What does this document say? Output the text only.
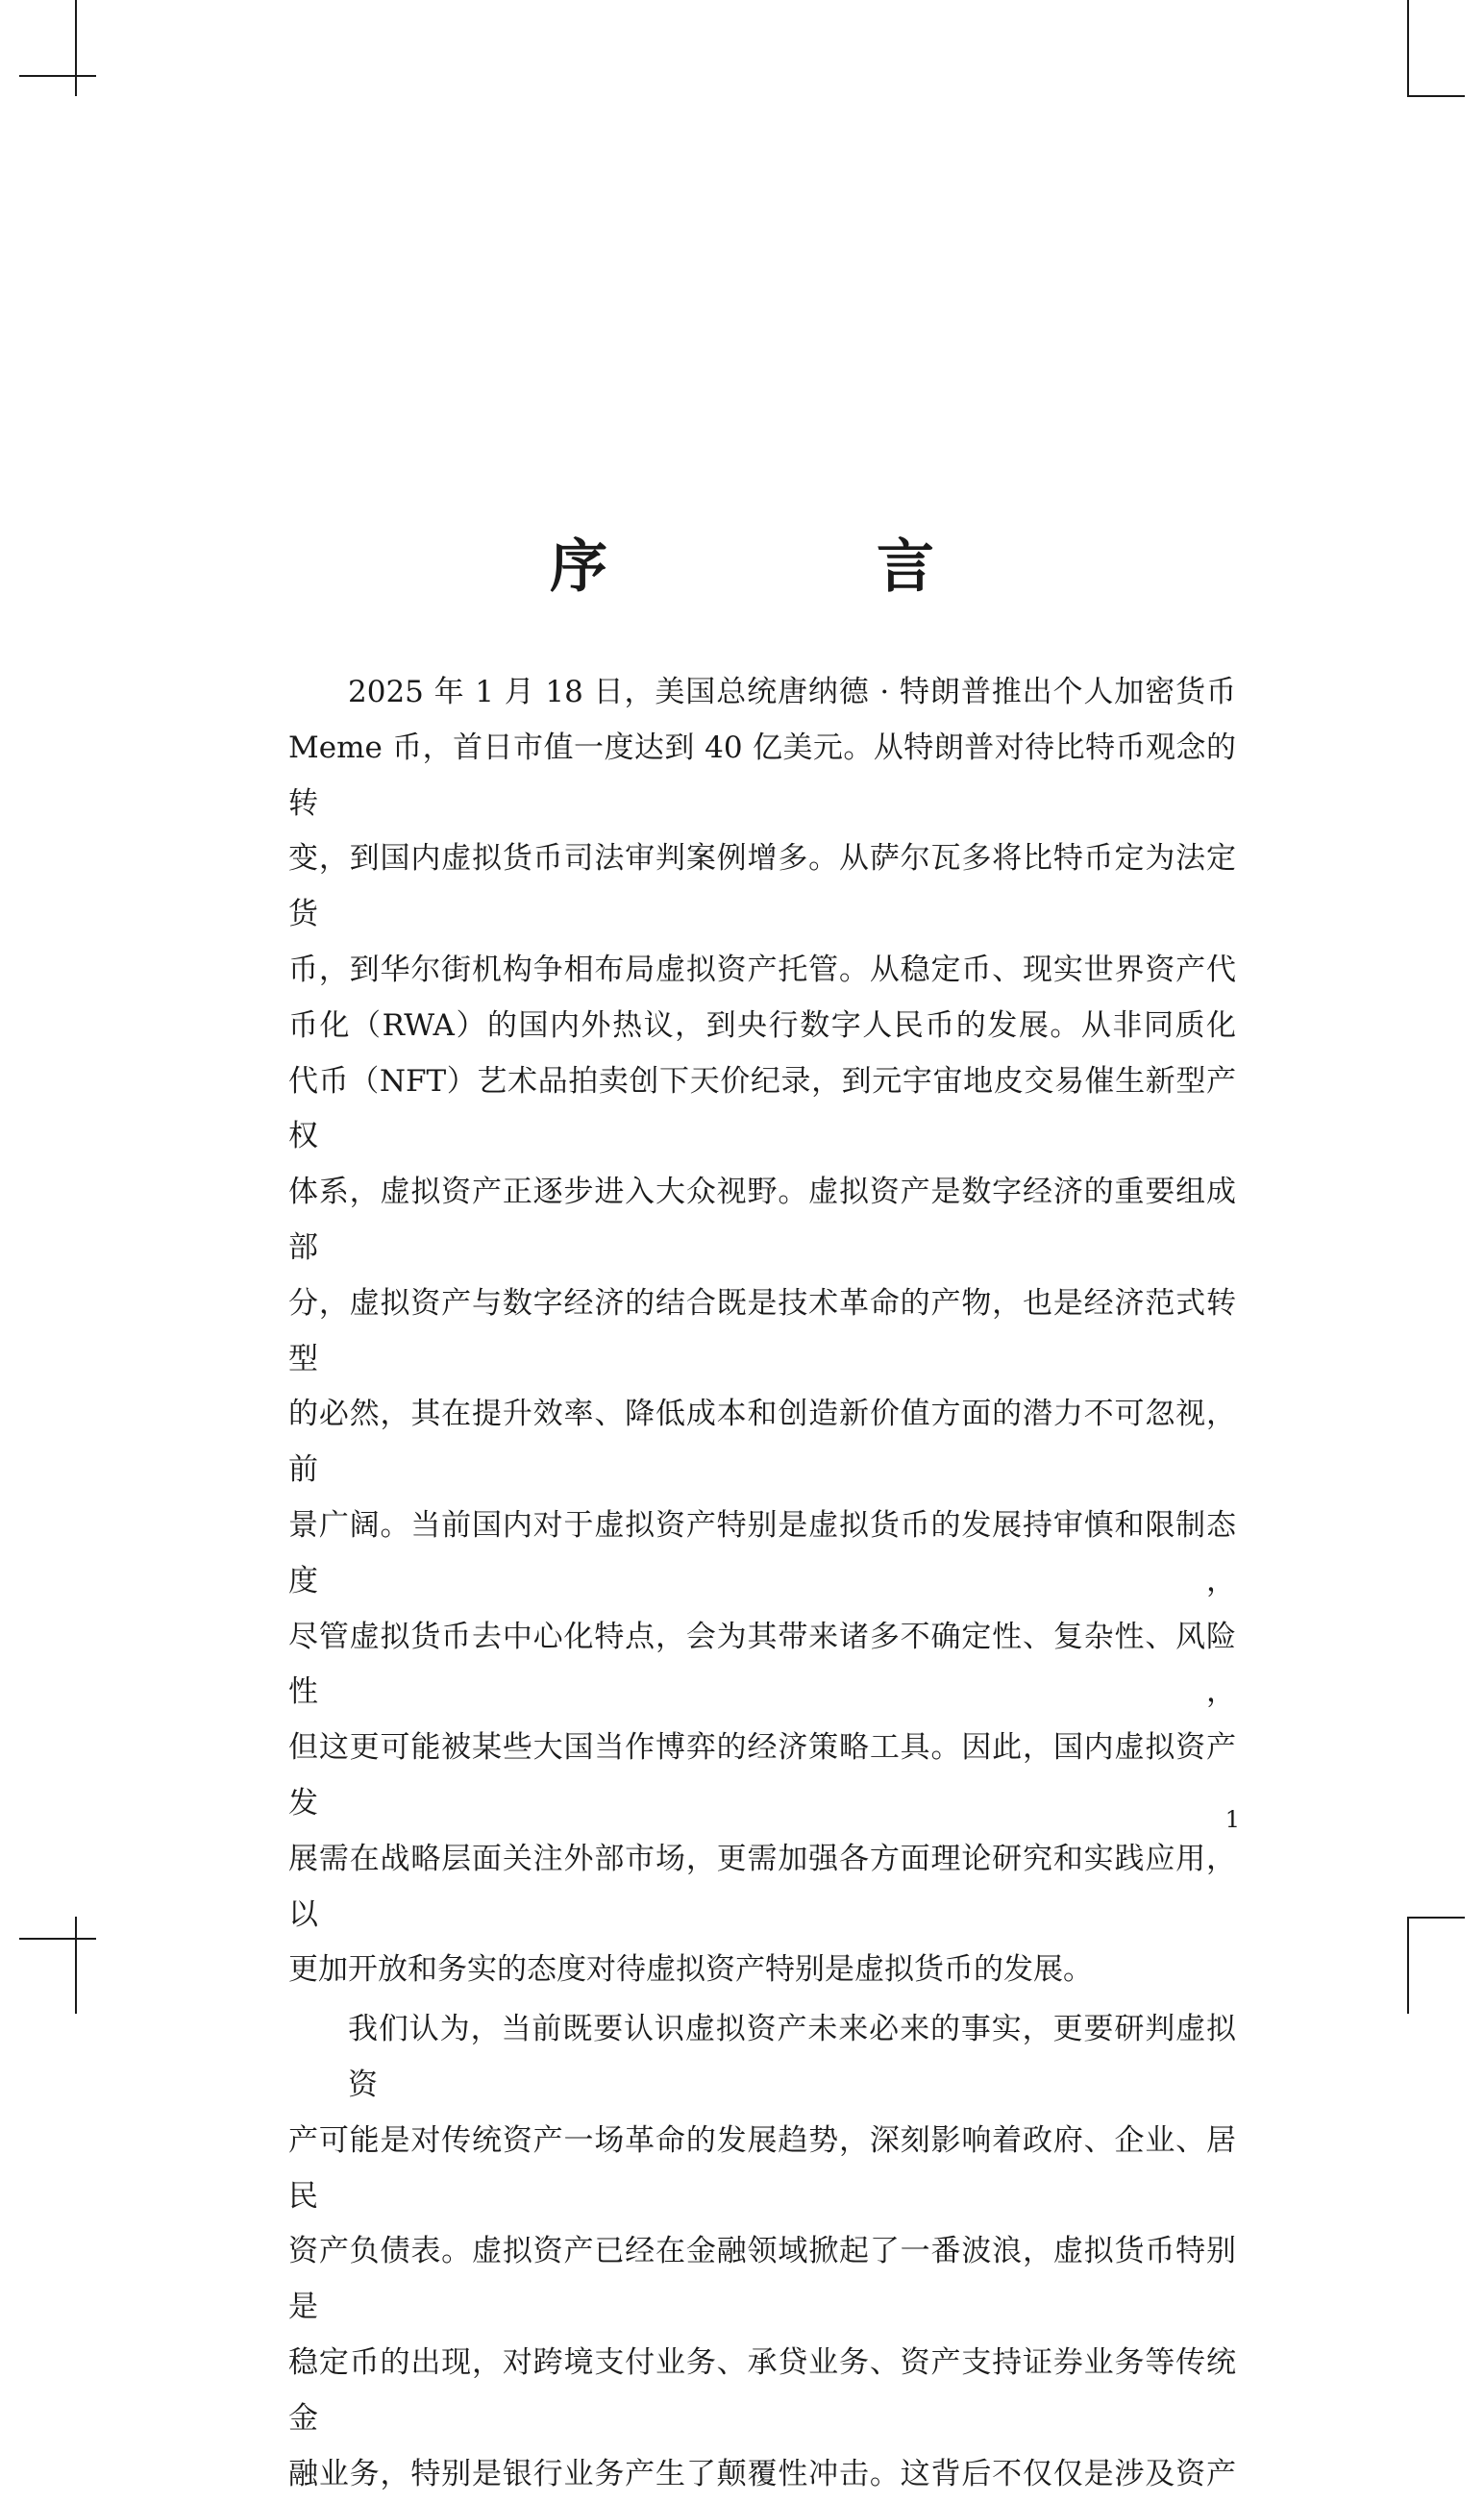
序　言

2025 年 1 月 18 日，美国总统唐纳德 · 特朗普推出个人加密货币
Meme 币，首日市值一度达到 40 亿美元。从特朗普对待比特币观念的转
变，到国内虚拟货币司法审判案例增多。从萨尔瓦多将比特币定为法定货
币，到华尔街机构争相布局虚拟资产托管。从稳定币、现实世界资产代
币化（RWA）的国内外热议，到央行数字人民币的发展。从非同质化
代币（NFT）艺术品拍卖创下天价纪录，到元宇宙地皮交易催生新型产权
体系，虚拟资产正逐步进入大众视野。虚拟资产是数字经济的重要组成部
分，虚拟资产与数字经济的结合既是技术革命的产物，也是经济范式转型
的必然，其在提升效率、降低成本和创造新价值方面的潜力不可忽视，前
景广阔。当前国内对于虚拟资产特别是虚拟货币的发展持审慎和限制态度，
尽管虚拟货币去中心化特点，会为其带来诸多不确定性、复杂性、风险性，
但这更可能被某些大国当作博弈的经济策略工具。因此，国内虚拟资产发
展需在战略层面关注外部市场，更需加强各方面理论研究和实践应用，以
更加开放和务实的态度对待虚拟资产特别是虚拟货币的发展。

我们认为，当前既要认识虚拟资产未来必来的事实，更要研判虚拟资
产可能是对传统资产一场革命的发展趋势，深刻影响着政府、企业、居民
资产负债表。虚拟资产已经在金融领域掀起了一番波浪，虚拟货币特别是
稳定币的出现，对跨境支付业务、承贷业务、资产支持证券业务等传统金
融业务，特别是银行业务产生了颠覆性冲击。这背后不仅仅是涉及资产

1
